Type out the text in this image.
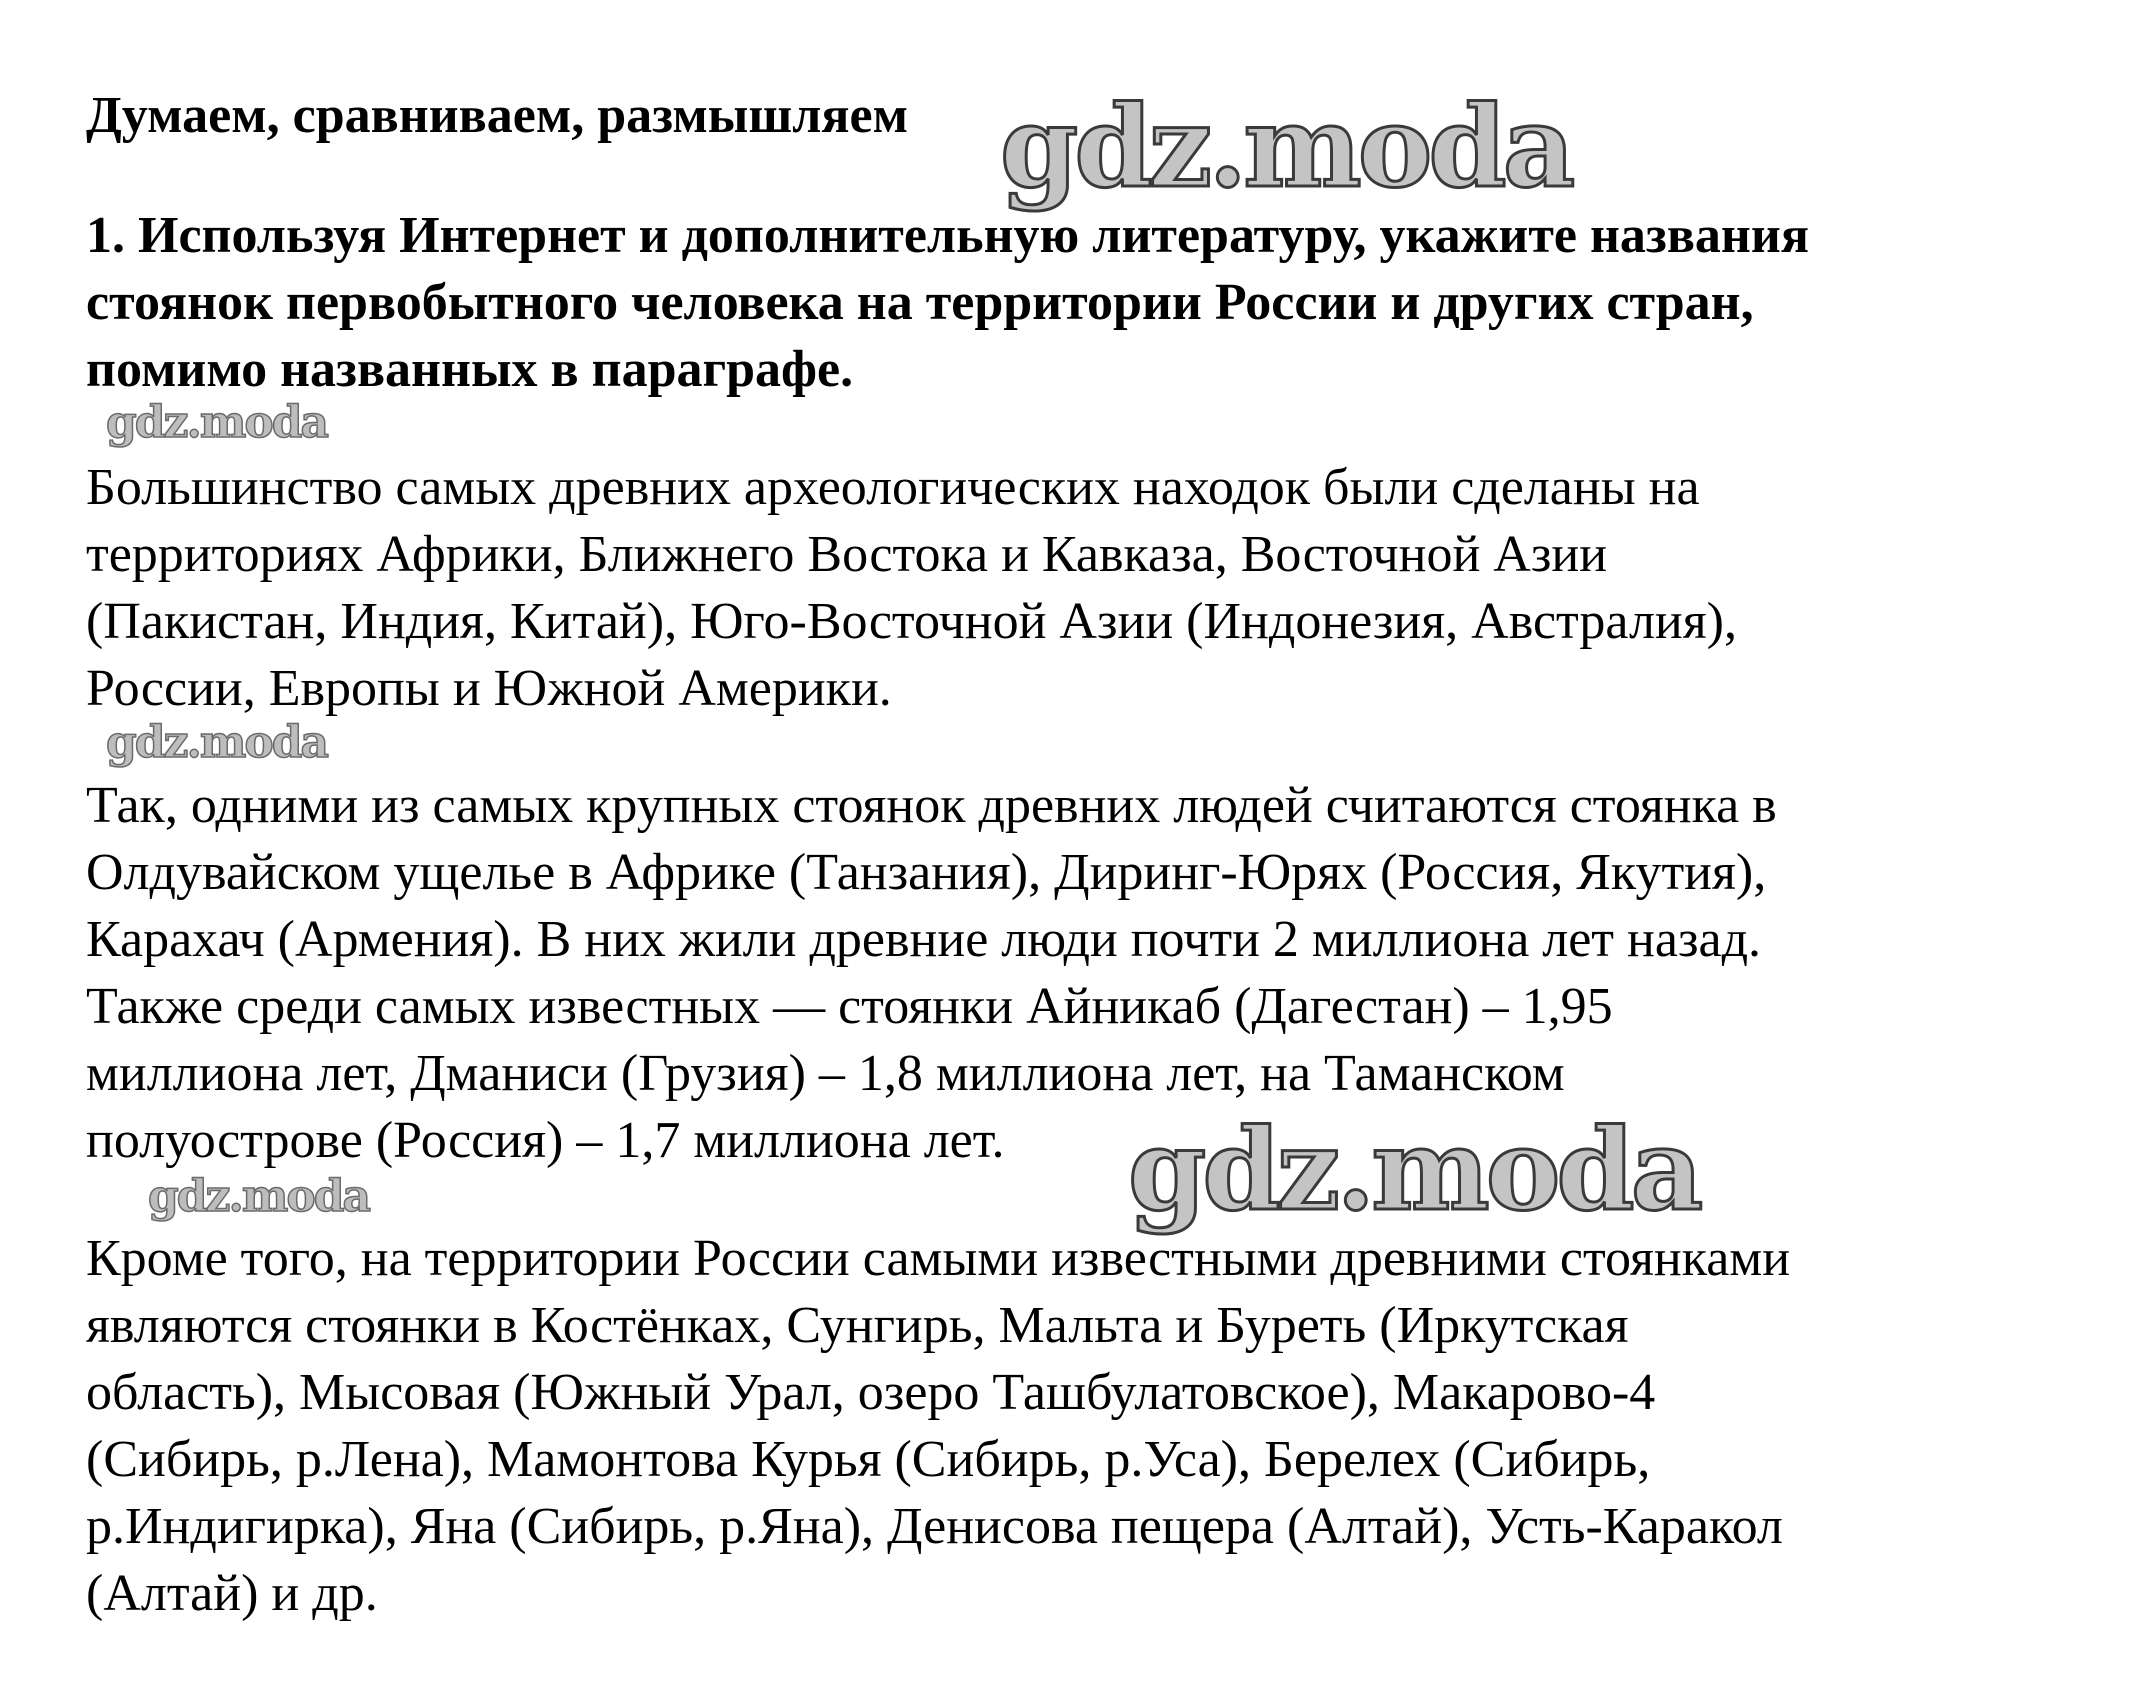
Думаем, сравниваем, размышляем
1. Используя Интернет и дополнительную литературу, укажите названия
стоянок первобытного человека на территории России и других стран,
помимо названных в параграфе.
Большинство самых древних археологических находок были сделаны на
территориях Африки, Ближнего Востока и Кавказа, Восточной Азии
(Пакистан, Индия, Китай), Юго-Восточной Азии (Индонезия, Австралия),
России, Европы и Южной Америки.
Так, одними из самых крупных стоянок древних людей считаются стоянка в
Олдувайском ущелье в Африке (Танзания), Диринг-Юрях (Россия, Якутия),
Карахач (Армения). В них жили древние люди почти 2 миллиона лет назад.
Также среди самых известных — стоянки Айникаб (Дагестан) – 1,95
миллиона лет, Дманиси (Грузия) – 1,8 миллиона лет, на Таманском
полуострове (Россия) – 1,7 миллиона лет.
Кроме того, на территории России самыми известными древними стоянками
являются стоянки в Костёнках, Сунгирь, Мальта и Буреть (Иркутская
область), Мысовая (Южный Урал, озеро Ташбулатовское), Макарово-4
(Сибирь, р.Лена), Мамонтова Курья (Сибирь, р.Уса), Берелех (Сибирь,
р.Индигирка), Яна (Сибирь, р.Яна), Денисова пещера (Алтай), Усть-Каракол
(Алтай) и др.
gdz.moda
gdz.moda
gdz.moda
gdz.moda	gdz.moda
